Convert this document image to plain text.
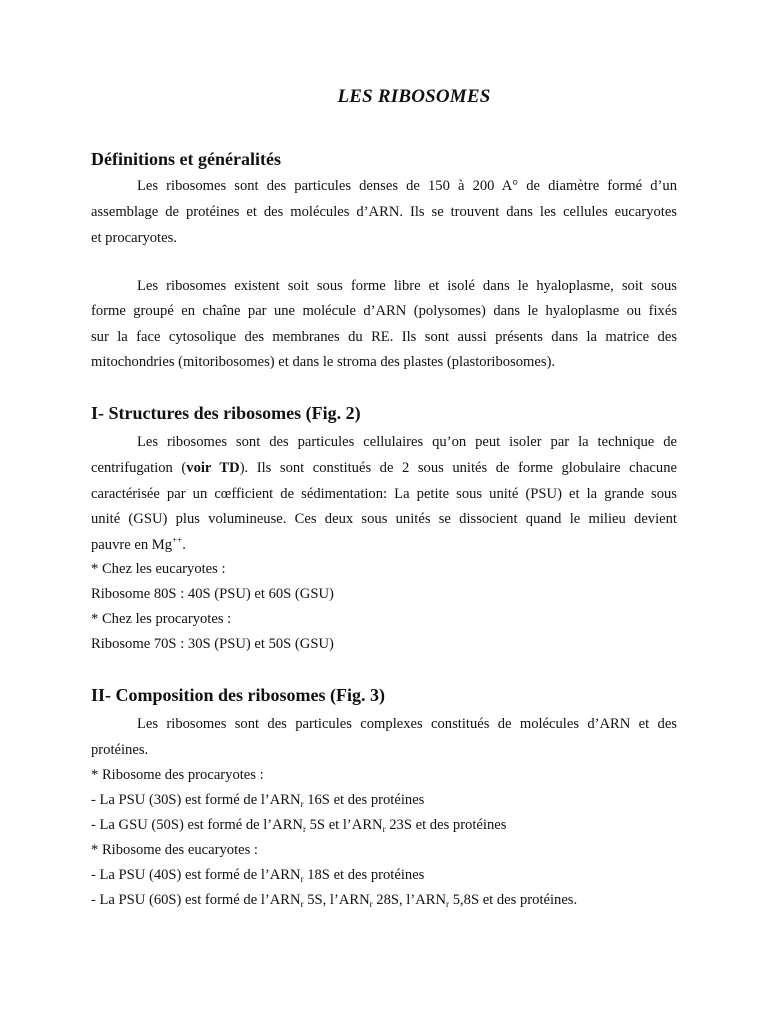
LES RIBOSOMES
Définitions et généralités
Les ribosomes sont des particules denses de 150 à 200 A° de diamètre formé d’un
assemblage de protéines et des molécules d’ARN. Ils se trouvent dans les cellules eucaryotes
et procaryotes.
Les ribosomes existent soit sous forme libre et isolé dans le hyaloplasme, soit sous
forme groupé en chaîne par une molécule d’ARN (polysomes) dans le hyaloplasme ou fixés
sur la face cytosolique des membranes du RE. Ils sont aussi présents dans la matrice des
mitochondries (mitoribosomes) et dans le stroma des plastes (plastoribosomes).
I- Structures des ribosomes (Fig. 2)
Les ribosomes sont des particules cellulaires qu’on peut isoler par la technique de
centrifugation (voir TD). Ils sont constitués de 2 sous unités de forme globulaire chacune
caractérisée par un cœfficient de sédimentation: La petite sous unité (PSU) et la grande sous
unité (GSU) plus volumineuse. Ces deux sous unités se dissocient quand le milieu devient
pauvre en Mg++.
* Chez les eucaryotes :
Ribosome 80S : 40S (PSU) et 60S (GSU)
* Chez les procaryotes :
Ribosome 70S : 30S (PSU) et 50S (GSU)
II- Composition des ribosomes (Fig. 3)
Les ribosomes sont des particules complexes constitués de molécules d’ARN et des
protéines.
* Ribosome des procaryotes :
- La PSU (30S) est formé de $l’ARN_r$ 16S et des protéines
- La GSU (50S) est formé de $l’ARN_r$ 5S et $l’ARN_r$ 23S et des protéines
* Ribosome des eucaryotes :
- La PSU (40S) est formé de $l’ARN_r$ 18S et des protéines
- La PSU (60S) est formé de $l’ARN_r$ 5S, $l’ARN_r$ 28S, $l’ARN_r$ 5,8S et des protéines.
